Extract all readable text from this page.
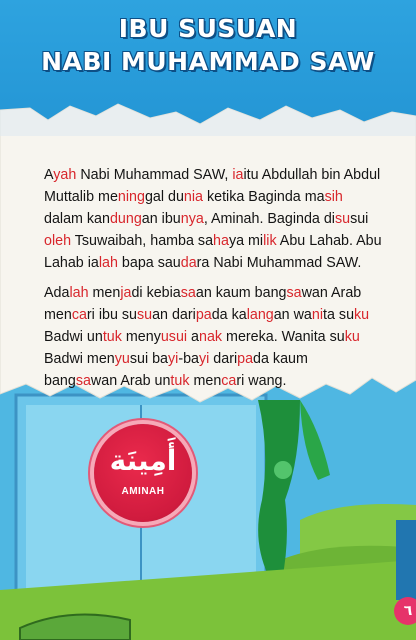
IBU SUSUAN
NABI MUHAMMAD SAW
Ayah Nabi Muhammad SAW, iaitu Abdullah bin Abdul Muttalib meninggal dunia ketika Baginda masih dalam kandungan ibunya, Aminah. Baginda disusui oleh Tsuwaibah, hamba sahaya milik Abu Lahab. Abu Lahab ialah bapa saudara Nabi Muhammad SAW.
Adalah menjadi kebiasaan kaum bangsawan Arab mencari ibu susuan daripada kalangan wanita suku Badwi untuk menyusui anak mereka. Wanita suku Badwi menyusui bayi-bayi daripada kaum bangsawan Arab untuk mencari wang.
أَمِينَة
AMINAH
٦
